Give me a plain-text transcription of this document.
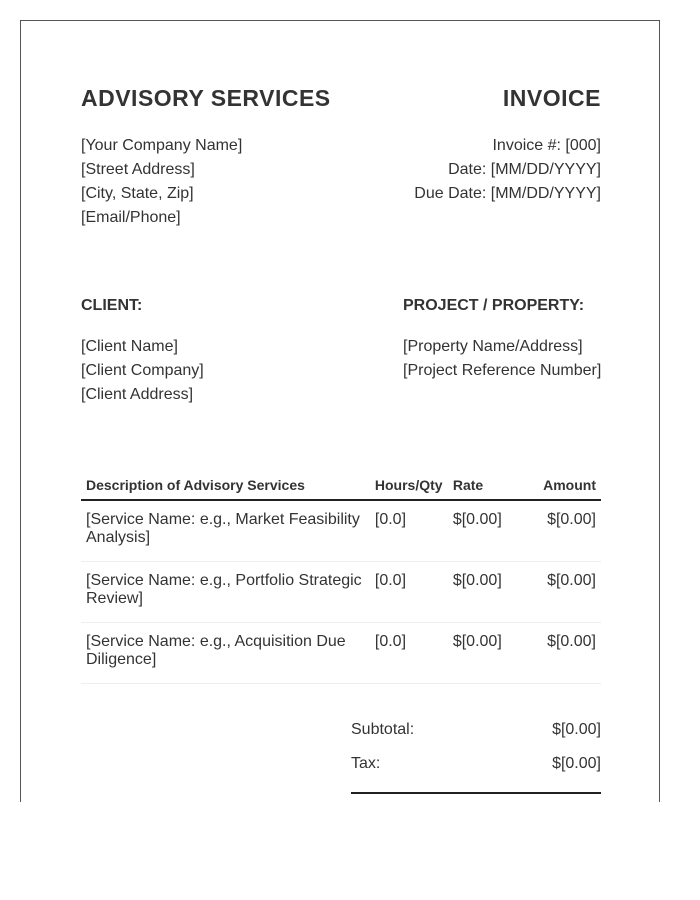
ADVISORY SERVICES	INVOICE
[Your Company Name]
[Street Address]
[City, State, Zip]
[Email/Phone]
Invoice #: [000]
Date: [MM/DD/YYYY]
Due Date: [MM/DD/YYYY]
CLIENT:
[Client Name]
[Client Company]
[Client Address]
PROJECT / PROPERTY:
[Property Name/Address]
[Project Reference Number]
Description of Advisory Services	Hours/Qty	Rate	Amount
[Service Name: e.g., Market Feasibility Analysis]	[0.0]	$[0.00]	$[0.00]
[Service Name: e.g., Portfolio Strategic Review]	[0.0]	$[0.00]	$[0.00]
[Service Name: e.g., Acquisition Due Diligence]	[0.0]	$[0.00]	$[0.00]
Subtotal:	$[0.00]
Tax:	$[0.00]
